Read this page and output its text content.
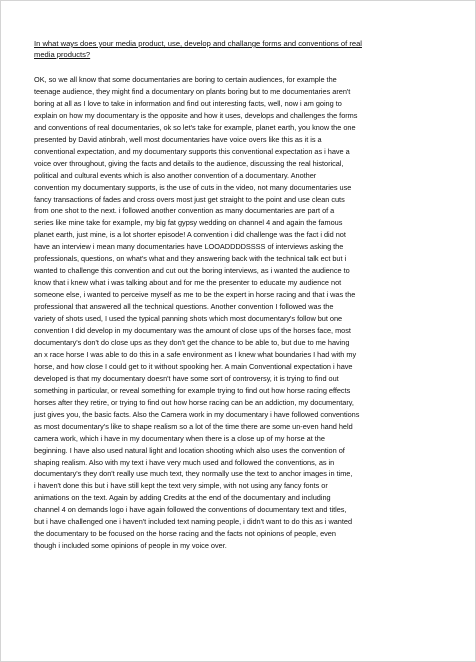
In what ways does your media product, use, develop and challange forms and conventions of real
media products?
OK, so we all know that some documentaries are boring to certain audiences, for example the
teenage audience, they might find a documentary on plants boring but to me documentaries aren't
boring at all as I love to take in information and find out interesting facts, well, now i am going to
explain on how my documentary is the opposite and how it uses, develops and challenges the forms
and conventions of real documentaries, ok so let's take for example, planet earth, you know the one
presented by David atinbrah, well most documentaries have voice overs like this as it is a
conventional expectation, and my documentary supports this conventional expectation as i have a
voice over throughout, giving the facts and details to the audience, discussing the real historical,
political and cultural events which is also another convention of a documentary. Another
convention my documentary supports, is the use of cuts in the video, not many documentaries use
fancy transactions of fades and cross overs most just get straight to the point and use clean cuts
from one shot to the next. i followed another convention as many documentaries are part of a
series like mine take for example, my big fat gypsy wedding on channel 4 and again the famous
planet earth, just mine, is a lot shorter episode! A convention i did challenge was the fact i did not
have an interview i mean many documentaries have LOOADDDDSSSS of interviews asking the
professionals, questions, on what's what and they answering back with the technical talk ect but i
wanted to challenge this convention and cut out the boring interviews, as i wanted the audience to
know that i knew what i was talking about and for me the presenter to educate my audience not
someone else, i wanted to perceive myself as me to be the expert in horse racing and that i was the
professional that answered all the technical questions. Another convention I followed was the
variety of shots used, I used the typical panning shots which most documentary's follow but one
convention I did develop in my documentary was the amount of close ups of the horses face, most
documentary's don't do close ups as they don't get the chance to be able to, but due to me having
an x race horse I was able to do this in a safe environment as I knew what boundaries I had with my
horse, and how close I could get to it without spooking her. A main Conventional expectation i have
developed is that my documentary doesn't have some sort of controversy, it is trying to find out
something in particular, or reveal something for example trying to find out how horse racing effects
horses after they retire, or trying to find out how horse racing can be an addiction, my documentary,
just gives you, the basic facts. Also the Camera work in my documentary i have followed conventions
as most documentary's like to shape realism so a lot of the time there are some un-even hand held
camera work, which i have in my documentary when there is a close up of my horse at the
beginning. I have also used natural light and location shooting which also uses the convention of
shaping realism. Also with my text i have very much used and followed the conventions, as in
documentary's they don't really use much text, they normally use the text to anchor images in time,
i haven't done this but i have still kept the text very simple, with not using any fancy fonts or
animations on the text. Again by adding Credits at the end of the documentary and including
channel 4 on demands logo i have again followed the conventions of documentary text and titles,
but i have challenged one i haven't included text naming people, i didn't want to do this as i wanted
the documentary to be focused on the horse racing and the facts not opinions of people, even
though i included some opinions of people in my voice over.
